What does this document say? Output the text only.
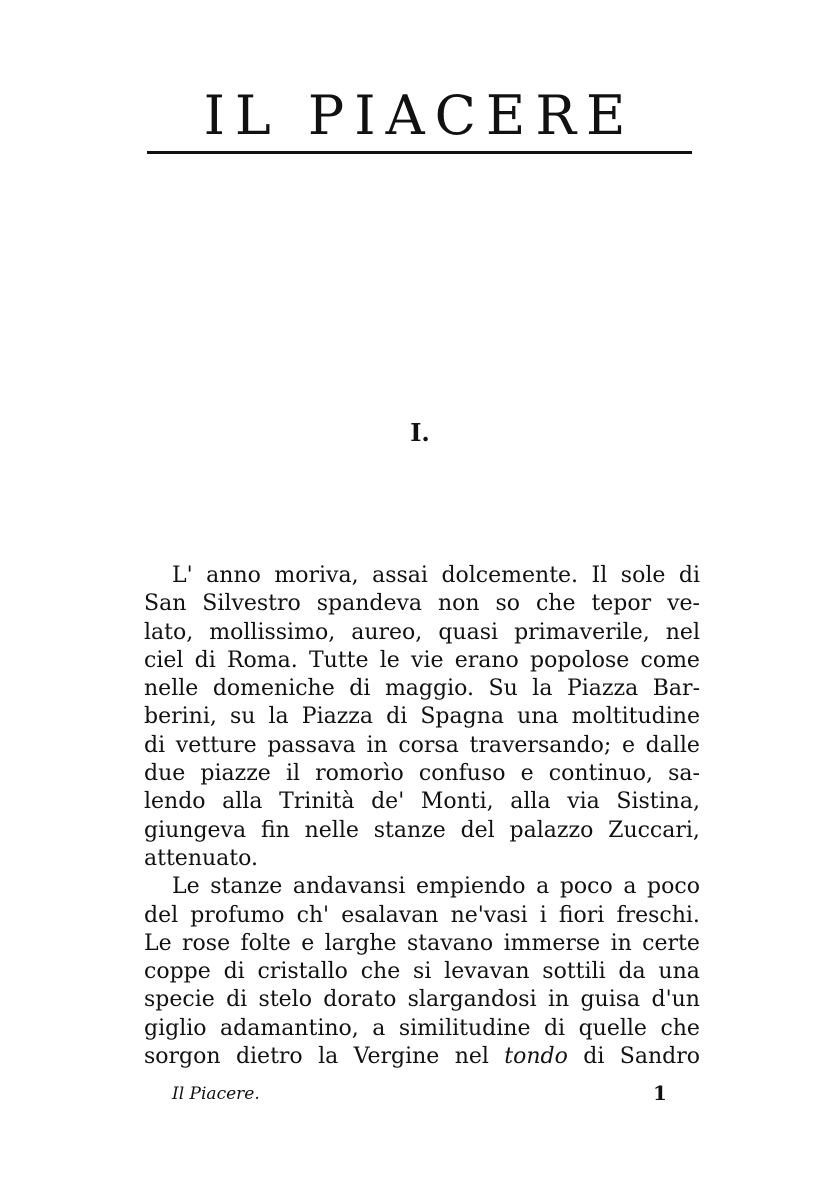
IL PIACERE
I.
L' anno moriva, assai dolcemente. Il sole di
San Silvestro spandeva non so che tepor ve-
lato, mollissimo, aureo, quasi primaverile, nel
ciel di Roma. Tutte le vie erano popolose come
nelle domeniche di maggio. Su la Piazza Bar-
berini, su la Piazza di Spagna una moltitudine
di vetture passava in corsa traversando; e dalle
due piazze il romorìo confuso e continuo, sa-
lendo alla Trinità de' Monti, alla via Sistina,
giungeva fin nelle stanze del palazzo Zuccari,
attenuato.
Le stanze andavansi empiendo a poco a poco
del profumo ch' esalavan ne'vasi i fiori freschi.
Le rose folte e larghe stavano immerse in certe
coppe di cristallo che si levavan sottili da una
specie di stelo dorato slargandosi in guisa d'un
giglio adamantino, a similitudine di quelle che
sorgon dietro la Vergine nel tondo di Sandro
Il Piacere.	1
